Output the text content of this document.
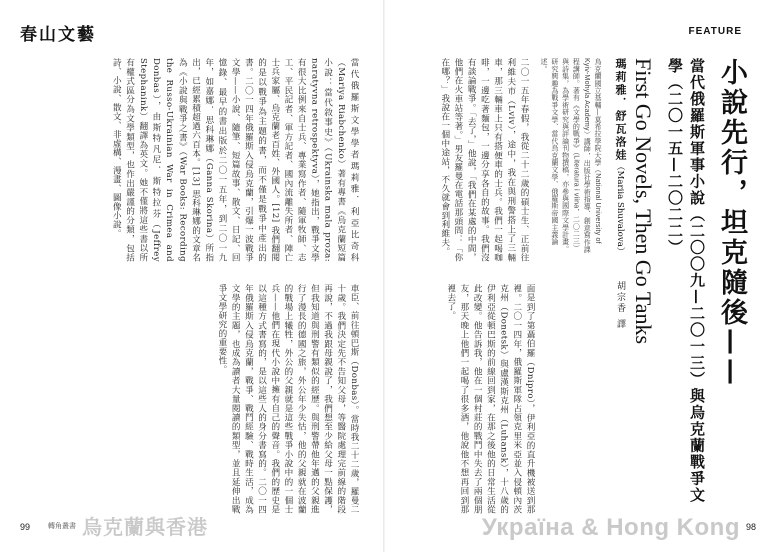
春山文藝
當代俄羅斯文學學者瑪莉雅．利亞比奇科（Mariya Riabchenko）著有專書《烏克蘭短篇小說：當代敘事史》（Ukrainska mala proza: naratyvna retrospektyva），她指出，戰爭文學有很大比例來自士兵、專業寫作者、隨軍牧師、志工、平民記者、軍方記者、國內流離失所者、陣亡士兵家屬、烏克蘭老百姓、外國人。[12] 我們翻閱的是以戰爭為主題的書，而不僅是戰爭中產出的書。二〇一四年俄羅斯入侵烏克蘭，引爆一波戰爭文學——小說、隨筆、短篇故事、散文、日記、回憶錄、最早的書出版於二〇一五年，到二〇一九年，如嘉娜．思科琳娜（Ganna Skorina）所指出，已經累積超過六百本。[13] 思科琳娜的文章名為《小說與戰爭之書》（War Books: Recording the Russo-Ukrainian War in Crimea and Donbas），由斯特凡尼．斯特拉芬（Jeffrey Stephanink）翻譯為英文。她不僅將這些書以所有權式區分為文學類型，也作出嚴謹的分類，包括詩、小說、散文、非虛構、漫畫、圖像小說。
車臣、前往頓巴斯（Donbas）。當時我二十二歲，羅曼二十歲。我們決定先不告知父母，等醫院處理完前線的階段再說，不過我跟母親說了，我們想至少給父母一點保護，但我知道與刑警有類似的經歷。與刑警帶他年邁的父親進行了漫長的德國之旅，外公年少失怙，他的父親就在波蘭的戰場上犧牲，外公的父親就是這些戰爭小說中的一個士兵——他們在現代小說中擁有自己的聲音。我們的歷史是以這種方式書寫的，是以這些人的身分書寫的。二〇一四年俄羅斯入侵烏克蘭，戰爭、戰鬥經驗、戰時生活，成為文學的主題，也成為讀者大量閱讀的類型，並且延伸出戰爭文學研究的重要性。
99	轉角叢書 烏克蘭與香港
FEATURE
小說先行，坦克隨後——
當代俄羅斯軍事小說（二〇〇九—二〇一三）與烏克蘭戰爭文學（二〇一五—二〇二二）
First Go Novels, Then Go Tanks
瑪莉雅．舒瓦洛娃（Mariia Shuvalova） 胡宗香 譯
烏克蘭國立基輔—莫希拉學院大學（National University of Kyiv-Mohyla Academy）講師，出版社學術指導、創意寫作課程講師。著有《文學的戰爭》（Literatura i viina，二〇二三）與詩集，為學術研究與評論刊物撰稿，亦參與國際文學計畫。研究興趣為戰爭文學、當代烏克蘭文學、俄羅斯帝國主義論述。
二〇一五年春假，我從二十二歲的碩士生、正前往利維夫市（Lviv），途中，我在與刑警搭上了三輛車，那三輛車上只有搭便車的士兵。我們一起喝咖啡，一邊吃著麵包，一邊分享各自的故事。我們沒有談論戰爭。「去了，」他說，「我們在某處的中間，他們在火車站等著。」男友羅曼在電話那頭問：「你在哪？」我說在一個中途站，不久就會到利維夫。
面是到了第聶伯羅（Dnipro），伊利亞的直升機被送到那裡。二〇一四年，俄羅斯軍隊占領克里米亞並入侵頓內茨克州（Donetsk）與盧漢斯克州（Luhansk），十八歲的伊利亞從頓巴斯的前線回到家，在那之後他的日常生活從此改變。他告訴我，他在一個村莊的戰鬥中失去了兩個朋友，那天晚上他們一起喝了很多酒，他說他不想再回到那裡去了。
Україна & Hong Kong 98
